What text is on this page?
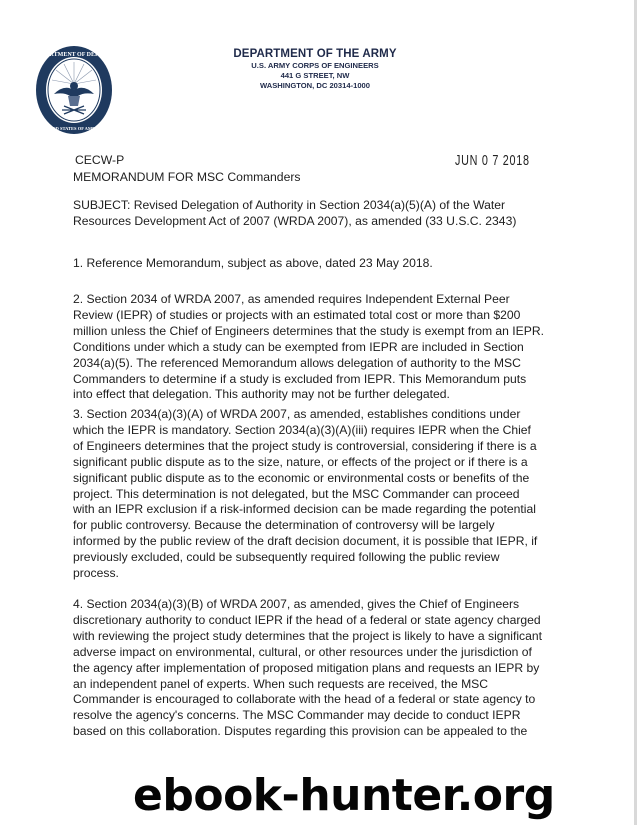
DEPARTMENT OF DEFENSE
UNITED STATES OF AMERICA
DEPARTMENT OF THE ARMY
U.S. ARMY CORPS OF ENGINEERS
441 G STREET, NW
WASHINGTON, DC 20314-1000
CECW-P	JUN 0 7 2018
MEMORANDUM FOR MSC Commanders
SUBJECT: Revised Delegation of Authority in Section 2034(a)(5)(A) of the Water
Resources Development Act of 2007 (WRDA 2007), as amended (33 U.S.C. 2343)
1. Reference Memorandum, subject as above, dated 23 May 2018.
2. Section 2034 of WRDA 2007, as amended requires Independent External Peer
Review (IEPR) of studies or projects with an estimated total cost or more than $200
million unless the Chief of Engineers determines that the study is exempt from an IEPR.
Conditions under which a study can be exempted from IEPR are included in Section
2034(a)(5). The referenced Memorandum allows delegation of authority to the MSC
Commanders to determine if a study is excluded from IEPR. This Memorandum puts
into effect that delegation. This authority may not be further delegated.
3. Section 2034(a)(3)(A) of WRDA 2007, as amended, establishes conditions under
which the IEPR is mandatory. Section 2034(a)(3)(A)(iii) requires IEPR when the Chief
of Engineers determines that the project study is controversial, considering if there is a
significant public dispute as to the size, nature, or effects of the project or if there is a
significant public dispute as to the economic or environmental costs or benefits of the
project. This determination is not delegated, but the MSC Commander can proceed
with an IEPR exclusion if a risk-informed decision can be made regarding the potential
for public controversy. Because the determination of controversy will be largely
informed by the public review of the draft decision document, it is possible that IEPR, if
previously excluded, could be subsequently required following the public review
process.
4. Section 2034(a)(3)(B) of WRDA 2007, as amended, gives the Chief of Engineers
discretionary authority to conduct IEPR if the head of a federal or state agency charged
with reviewing the project study determines that the project is likely to have a significant
adverse impact on environmental, cultural, or other resources under the jurisdiction of
the agency after implementation of proposed mitigation plans and requests an IEPR by
an independent panel of experts. When such requests are received, the MSC
Commander is encouraged to collaborate with the head of a federal or state agency to
resolve the agency's concerns. The MSC Commander may decide to conduct IEPR
based on this collaboration. Disputes regarding this provision can be appealed to the
ebook-hunter.org
